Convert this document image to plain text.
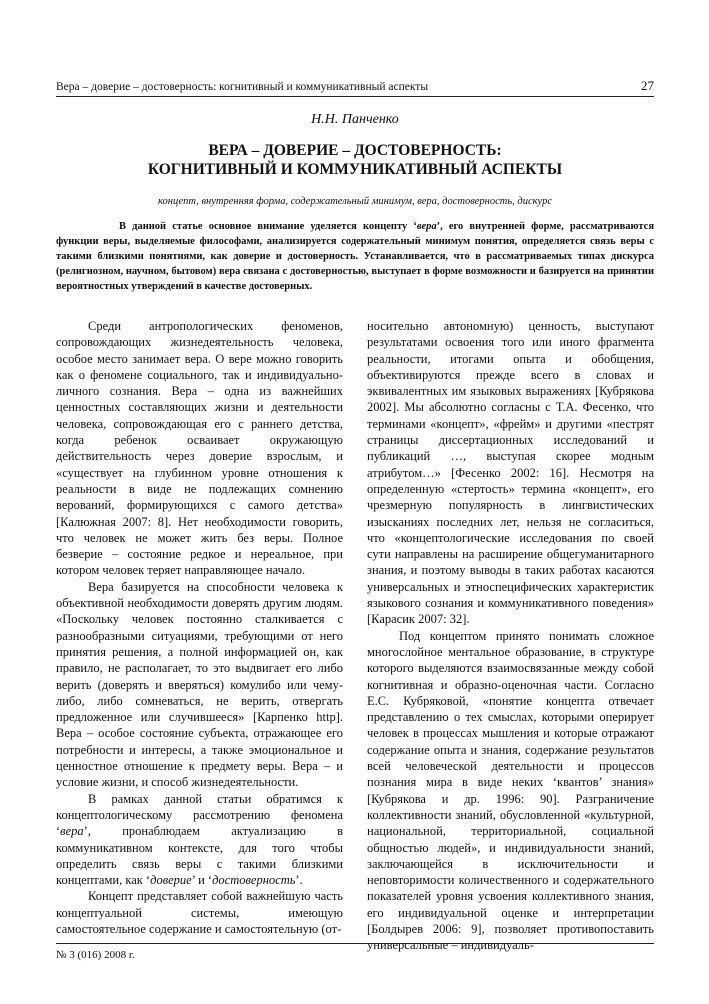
Вера – доверие – достоверность: когнитивный и коммуникативный аспекты	27
Н.Н. Панченко
ВЕРА – ДОВЕРИЕ – ДОСТОВЕРНОСТЬ:
КОГНИТИВНЫЙ И КОММУНИКАТИВНЫЙ АСПЕКТЫ
концепт, внутренняя форма, содержательный минимум, вера, достоверность, дискурс

В данной статье основное внимание уделяется концепту ‘вера’, его внутренней форме, рассматриваются функции веры, выделяемые философами, анализируется содержательный минимум понятия, определяется связь веры с такими близкими понятиями, как доверие и достоверность. Устанавливается, что в рассматриваемых типах дискурса (религиозном, научном, бытовом) вера связана с достоверностью, выступает в форме возможности и базируется на принятии вероятностных утверждений в качестве достоверных.

Среди антропологических феноменов, сопровождающих жизнедеятельность человека, особое место занимает вера. О вере можно говорить как о феномене социального, так и индивидуально-личного сознания. Вера – одна из важнейших ценностных составляющих жизни и деятельности человека, сопровождающая его с раннего детства, когда ребенок осваивает окружающую действительность через доверие взрослым, и «существует на глубинном уровне отношения к реальности в виде не подлежащих сомнению верований, формирующихся с самого детства» [Калюжная 2007: 8]. Нет необходимости говорить, что человек не может жить без веры. Полное безверие – состояние редкое и нереальное, при котором человек теряет направляющее начало.

Вера базируется на способности человека к объективной необходимости доверять другим людям. «Поскольку человек постоянно сталкивается с разнообразными ситуациями, требующими от него принятия решения, а полной информацией он, как правило, не располагает, то это выдвигает его либо верить (доверять и вверяться) комулибо или чему-либо, либо сомневаться, не верить, отвергать предложенное или случившееся» [Карпенко http]. Вера – особое состояние субъекта, отражающее его потребности и интересы, а также эмоциональное и ценностное отношение к предмету веры. Вера – и условие жизни, и способ жизнедеятельности.

В рамках данной статьи обратимся к концептологическому рассмотрению феномена ‘вера’, пронаблюдаем актуализацию в коммуникативном контексте, для того чтобы определить связь веры с такими близкими концептами, как ‘доверие’ и ‘достоверность’.

Концепт представляет собой важнейшую часть концептуальной системы, имеющую самостоятельное содержание и самостоятельную (от-

носительно автономную) ценность, выступают результатами освоения того или иного фрагмента реальности, итогами опыта и обобщения, объективируются прежде всего в словах и эквивалентных им языковых выражениях [Кубрякова 2002]. Мы абсолютно согласны с Т.А. Фесенко, что терминами «концепт», «фрейм» и другими «пестрят страницы диссертационных исследований и публикаций …, выступая скорее модным атрибутом…» [Фесенко 2002: 16]. Несмотря на определенную «стертость» термина «концепт», его чрезмерную популярность в лингвистических изысканиях последних лет, нельзя не согласиться, что «концептологические исследования по своей сути направлены на расширение общегуманитарного знания, и поэтому выводы в таких работах касаются универсальных и этноспецифических характеристик языкового сознания и коммуникативного поведения» [Карасик 2007: 32].

Под концептом принято понимать сложное многослойное ментальное образование, в структуре которого выделяются взаимосвязанные между собой когнитивная и образно-оценочная части. Согласно Е.С. Кубряковой, «понятие концепта отвечает представлению о тех смыслах, которыми оперирует человек в процессах мышления и которые отражают содержание опыта и знания, содержание результатов всей человеческой деятельности и процессов познания мира в виде неких ‘квантов’ знания» [Кубрякова и др. 1996: 90]. Разграничение коллективности знаний, обусловленной «культурной, национальной, территориальной, социальной общностью людей», и индивидуальности знаний, заключающейся в исключительности и неповторимости количественного и содержательного показателей уровня усвоения коллективного знания, его индивидуальной оценке и интерпретации [Болдырев 2006: 9], позволяет противопоставить универсальные – индивидуаль-

№ 3 (016) 2008 г.
